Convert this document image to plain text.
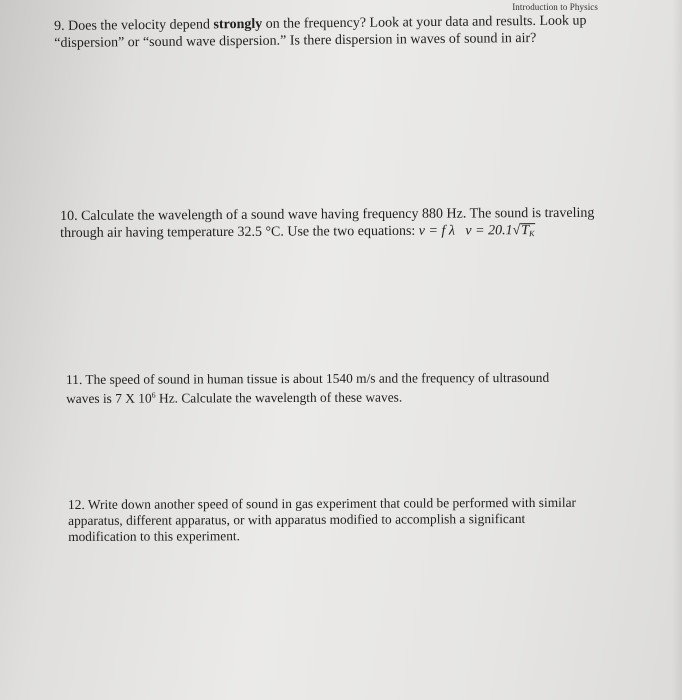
Introduction to Physics

9. Does the velocity depend strongly on the frequency? Look at your data and results. Look up
“dispersion” or “sound wave dispersion.” Is there dispersion in waves of sound in air?

10. Calculate the wavelength of a sound wave having frequency 880 Hz. The sound is traveling
through air having temperature 32.5 °C. Use the two equations: v = f λ $v = 20.1√T_K$

11. The speed of sound in human tissue is about 1540 m/s and the frequency of ultrasound
waves is 7 X $10^6$ Hz. Calculate the wavelength of these waves.

12. Write down another speed of sound in gas experiment that could be performed with similar
apparatus, different apparatus, or with apparatus modified to accomplish a significant
modification to this experiment.
